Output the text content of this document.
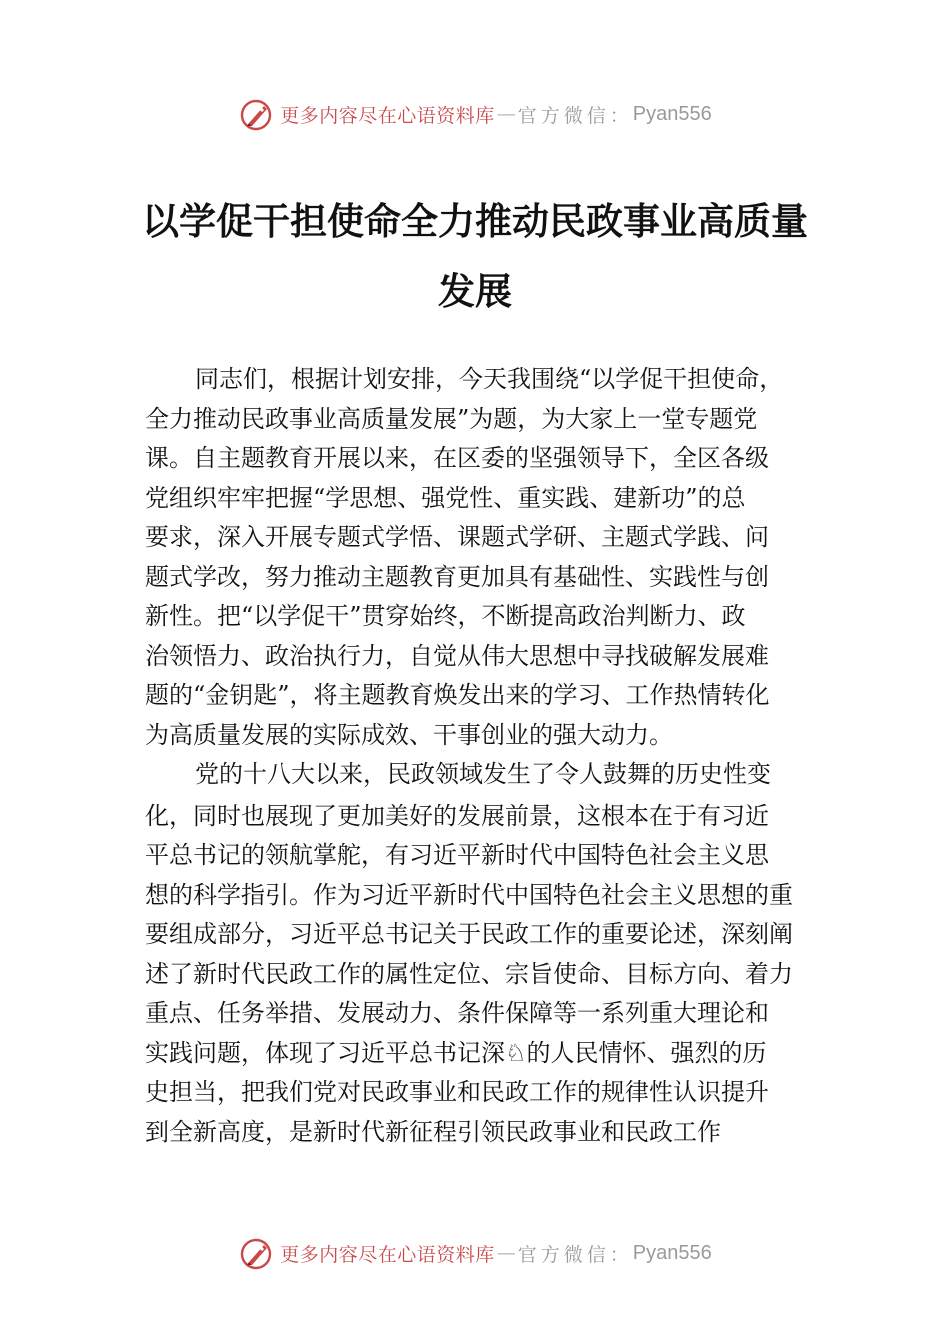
更多内容尽在心语资料库 — 官方微信： Pyan556
以学促干担使命全力推动民政事业高质量
发展
同志们，根据计划安排，今天我围绕“以学促干担使命，
全力推动民政事业高质量发展”为题，为大家上一堂专题党
课。自主题教育开展以来，在区委的坚强领导下，全区各级
党组织牢牢把握“学思想、强党性、重实践、建新功”的总
要求，深入开展专题式学悟、课题式学研、主题式学践、问
题式学改，努力推动主题教育更加具有基础性、实践性与创
新性。把“以学促干”贯穿始终，不断提高政治判断力、政
治领悟力、政治执行力，自觉从伟大思想中寻找破解发展难
题的“金钥匙”，将主题教育焕发出来的学习、工作热情转化
为高质量发展的实际成效、干事创业的强大动力。
党的十八大以来，民政领域发生了令人鼓舞的历史性变
化，同时也展现了更加美好的发展前景，这根本在于有习近
平总书记的领航掌舵，有习近平新时代中国特色社会主义思
想的科学指引。作为习近平新时代中国特色社会主义思想的重
要组成部分，习近平总书记关于民政工作的重要论述，深刻阐
述了新时代民政工作的属性定位、宗旨使命、目标方向、着力
重点、任务举措、发展动力、条件保障等一系列重大理论和
实践问题，体现了习近平总书记深♘的人民情怀、强烈的历
史担当，把我们党对民政事业和民政工作的规律性认识提升
到全新高度，是新时代新征程引领民政事业和民政工作
更多内容尽在心语资料库 — 官方微信： Pyan556
